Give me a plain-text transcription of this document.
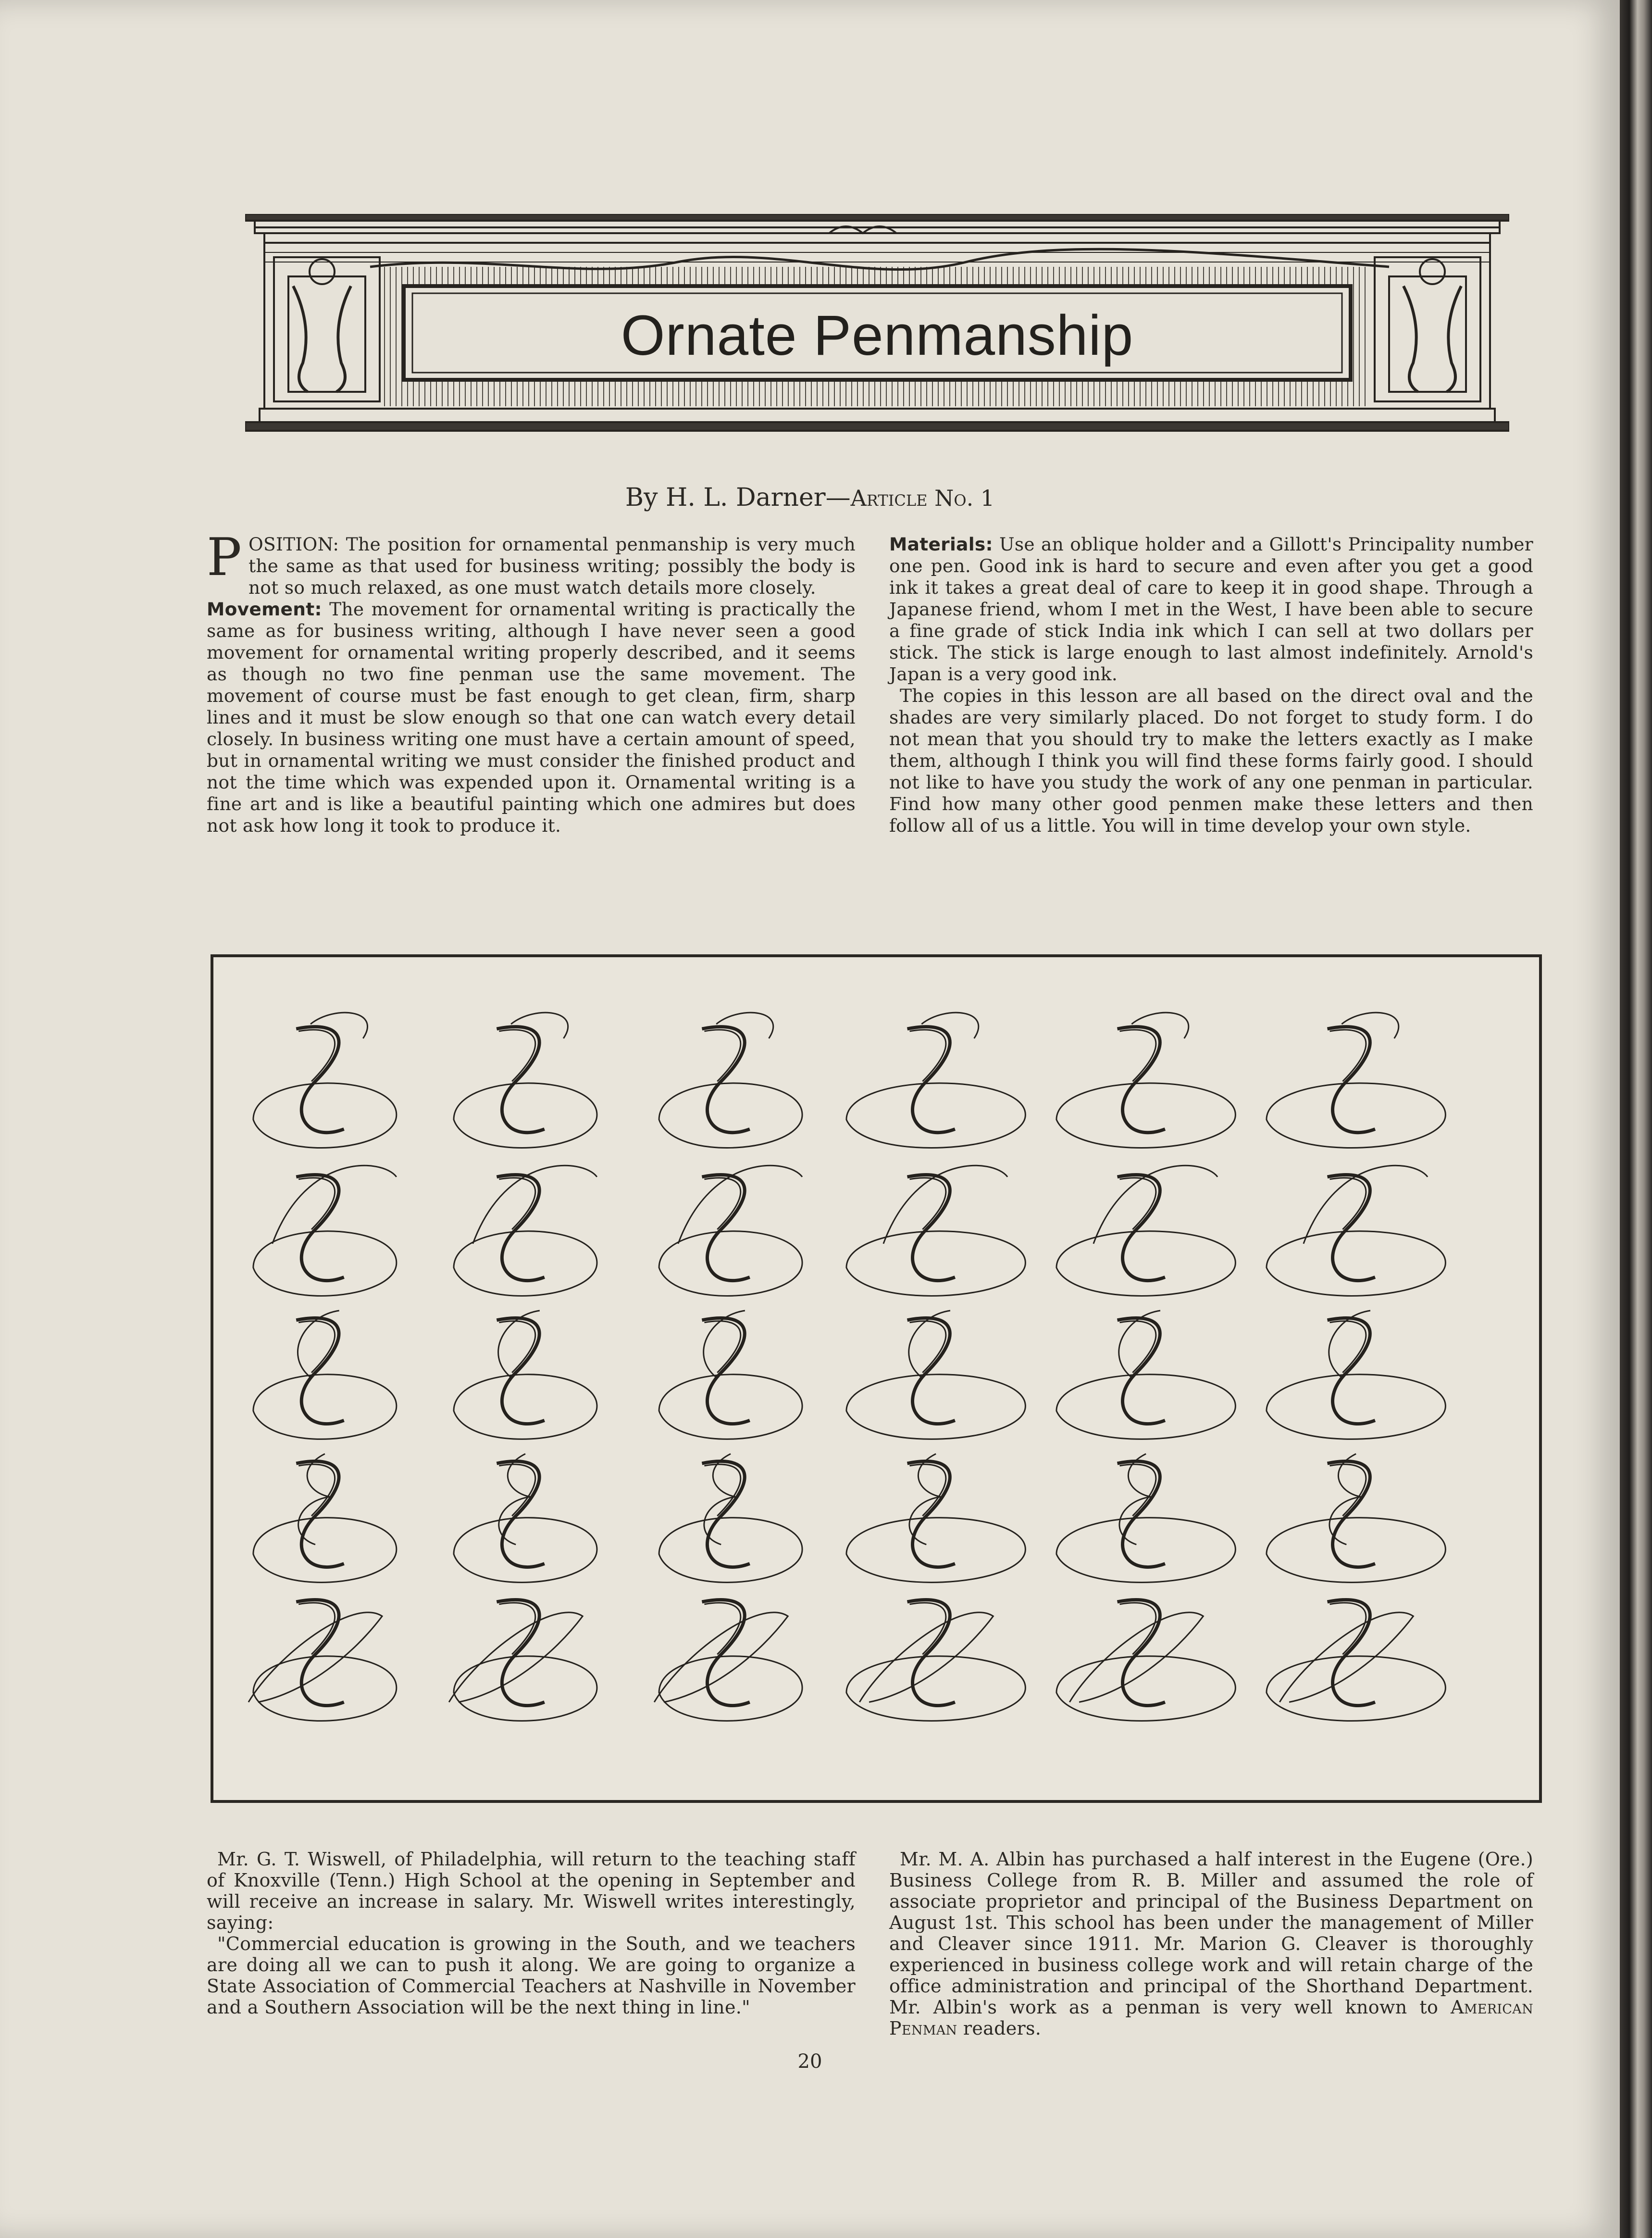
Ornate Penmanship
By H. L. Darner—Article No. 1

POSITION: The position for ornamental penmanship is very much the same as that used for business writing; possibly the body is not so much relaxed, as one must watch details more closely.

Movement: The movement for ornamental writing is practically the same as for business writing, although I have never seen a good movement for ornamental writing properly described, and it seems as though no two fine penman use the same movement. The movement of course must be fast enough to get clean, firm, sharp lines and it must be slow enough so that one can watch every detail closely. In business writing one must have a certain amount of speed, but in ornamental writing we must consider the finished product and not the time which was expended upon it. Ornamental writing is a fine art and is like a beautiful painting which one admires but does not ask how long it took to produce it.

Materials: Use an oblique holder and a Gillott's Principality number one pen. Good ink is hard to secure and even after you get a good ink it takes a great deal of care to keep it in good shape. Through a Japanese friend, whom I met in the West, I have been able to secure a fine grade of stick India ink which I can sell at two dollars per stick. The stick is large enough to last almost indefinitely. Arnold's Japan is a very good ink.

The copies in this lesson are all based on the direct oval and the shades are very similarly placed. Do not forget to study form. I do not mean that you should try to make the letters exactly as I make them, although I think you will find these forms fairly good. I should not like to have you study the work of any one penman in particular. Find how many other good penmen make these letters and then follow all of us a little. You will in time develop your own style.

Mr. G. T. Wiswell, of Philadelphia, will return to the teaching staff of Knoxville (Tenn.) High School at the opening in September and will receive an increase in salary. Mr. Wiswell writes interestingly, saying:

"Commercial education is growing in the South, and we teachers are doing all we can to push it along. We are going to organize a State Association of Commercial Teachers at Nashville in November and a Southern Association will be the next thing in line."

Mr. M. A. Albin has purchased a half interest in the Eugene (Ore.) Business College from R. B. Miller and assumed the role of associate proprietor and principal of the Business Department on August 1st. This school has been under the management of Miller and Cleaver since 1911. Mr. Marion G. Cleaver is thoroughly experienced in business college work and will retain charge of the office administration and principal of the Shorthand Department. Mr. Albin's work as a penman is very well known to American Penman readers.

20
